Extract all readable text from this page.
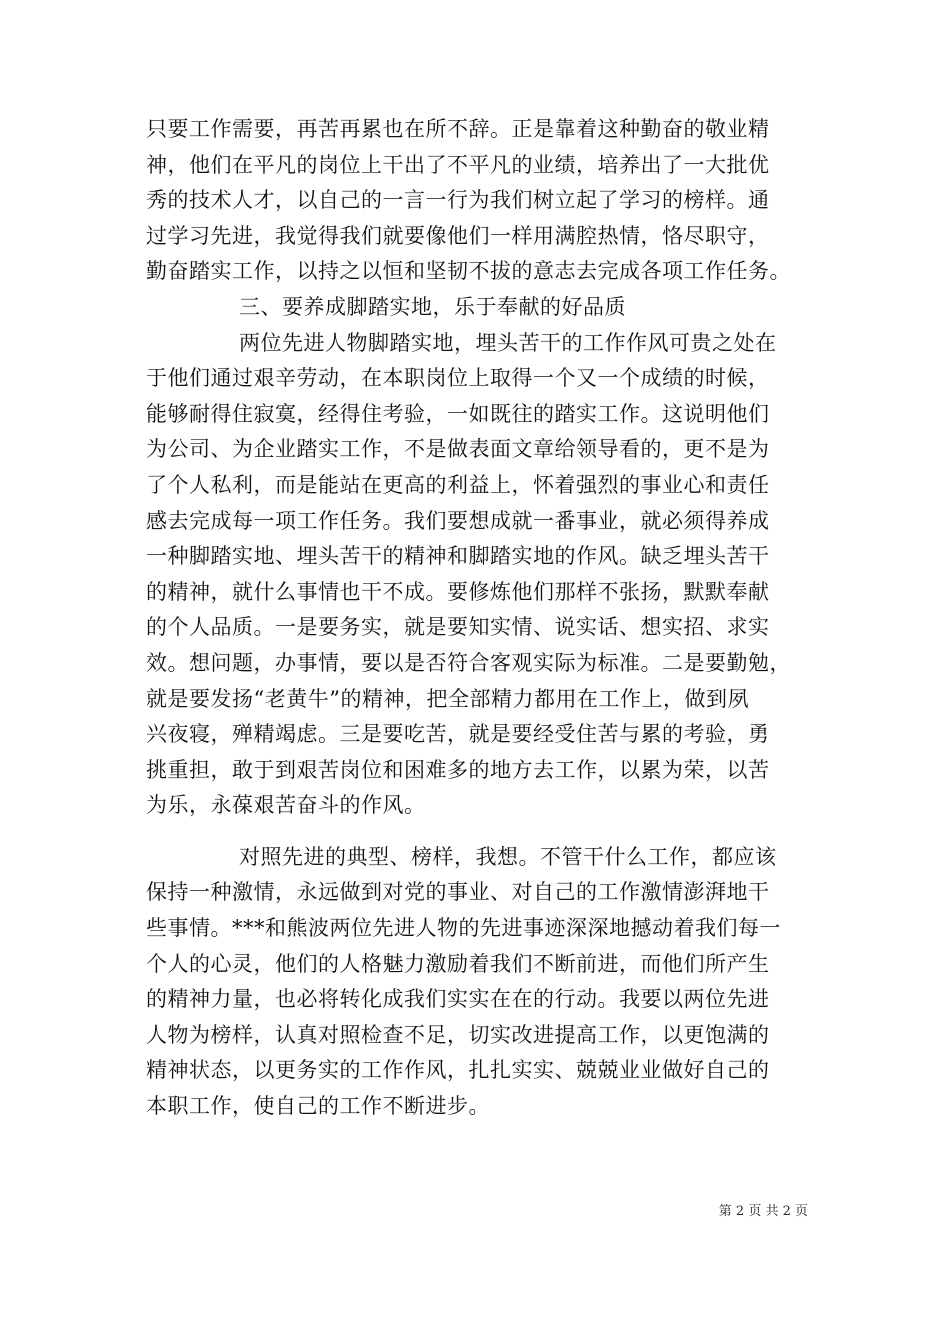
只要工作需要，再苦再累也在所不辞。正是靠着这种勤奋的敬业精
神，他们在平凡的岗位上干出了不平凡的业绩，培养出了一大批优
秀的技术人才，以自己的一言一行为我们树立起了学习的榜样。通
过学习先进，我觉得我们就要像他们一样用满腔热情，恪尽职守，
勤奋踏实工作，以持之以恒和坚韧不拔的意志去完成各项工作任务。
三、要养成脚踏实地，乐于奉献的好品质
两位先进人物脚踏实地，埋头苦干的工作作风可贵之处在
于他们通过艰辛劳动，在本职岗位上取得一个又一个成绩的时候，
能够耐得住寂寞，经得住考验，一如既往的踏实工作。这说明他们
为公司、为企业踏实工作，不是做表面文章给领导看的，更不是为
了个人私利，而是能站在更高的利益上，怀着强烈的事业心和责任
感去完成每一项工作任务。我们要想成就一番事业，就必须得养成
一种脚踏实地、埋头苦干的精神和脚踏实地的作风。缺乏埋头苦干
的精神，就什么事情也干不成。要修炼他们那样不张扬，默默奉献
的个人品质。一是要务实，就是要知实情、说实话、想实招、求实
效。想问题，办事情，要以是否符合客观实际为标准。二是要勤勉，
就是要发扬“老黄牛”的精神，把全部精力都用在工作上，做到夙
兴夜寝，殚精竭虑。三是要吃苦，就是要经受住苦与累的考验，勇
挑重担，敢于到艰苦岗位和困难多的地方去工作，以累为荣，以苦
为乐，永葆艰苦奋斗的作风。
对照先进的典型、榜样，我想。不管干什么工作，都应该
保持一种激情，永远做到对党的事业、对自己的工作激情澎湃地干
些事情。***和熊波两位先进人物的先进事迹深深地撼动着我们每一
个人的心灵，他们的人格魅力激励着我们不断前进，而他们所产生
的精神力量，也必将转化成我们实实在在的行动。我要以两位先进
人物为榜样，认真对照检查不足，切实改进提高工作，以更饱满的
精神状态，以更务实的工作作风，扎扎实实、兢兢业业做好自己的
本职工作，使自己的工作不断进步。
第 2 页 共 2 页
